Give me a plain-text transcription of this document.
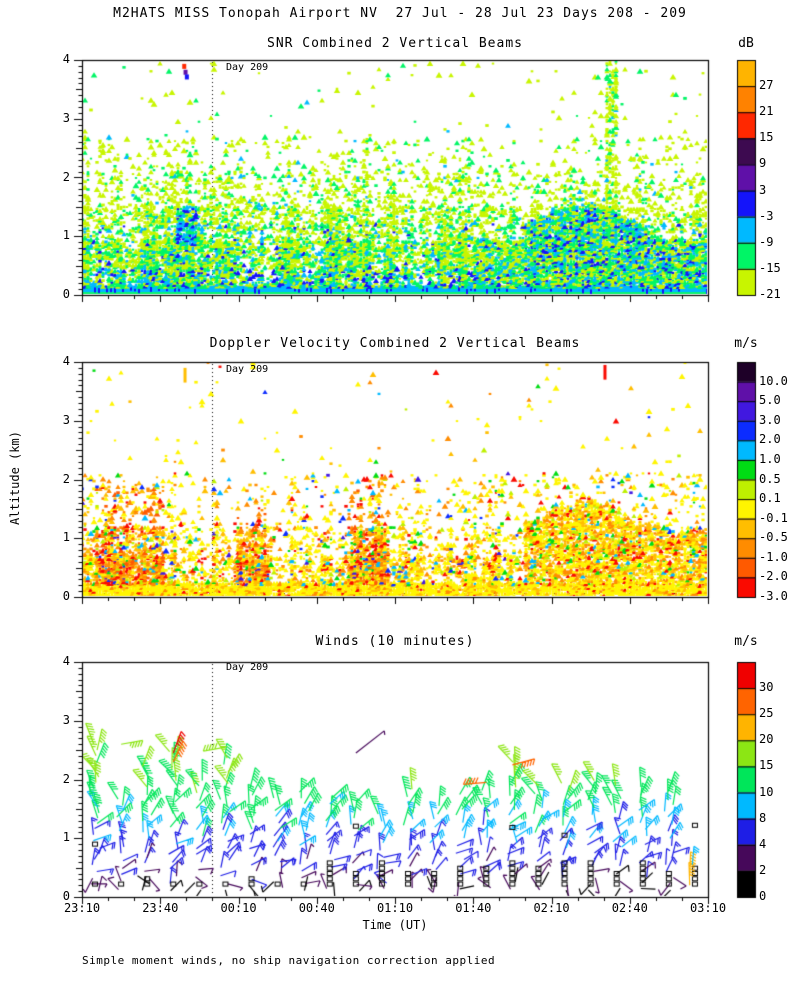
M2HATS MISS Tonopah Airport NV  27 Jul - 28 Jul 23 Days 208 - 209
SNR Combined 2 Vertical Beams
Doppler Velocity Combined 2 Vertical Beams
Winds (10 minutes)
dB
m/s
m/s
Day 209
Day 209
Day 209
Altitude (km)
Time (UT)
Simple moment winds, no ship navigation correction applied
0
1
2
3
4
0
1
2
3
4
0
1
2
3
4
23:10	23:40	00:10	00:40	01:10	01:40	02:10	02:40	03:10
27
21
15
9
3
-3
-9
-15
-21
10.0
5.0
3.0
2.0
1.0
0.5
0.1
-0.1
-0.5
-1.0
-2.0
-3.0
30
25
20
15
10
8
4
2
0
